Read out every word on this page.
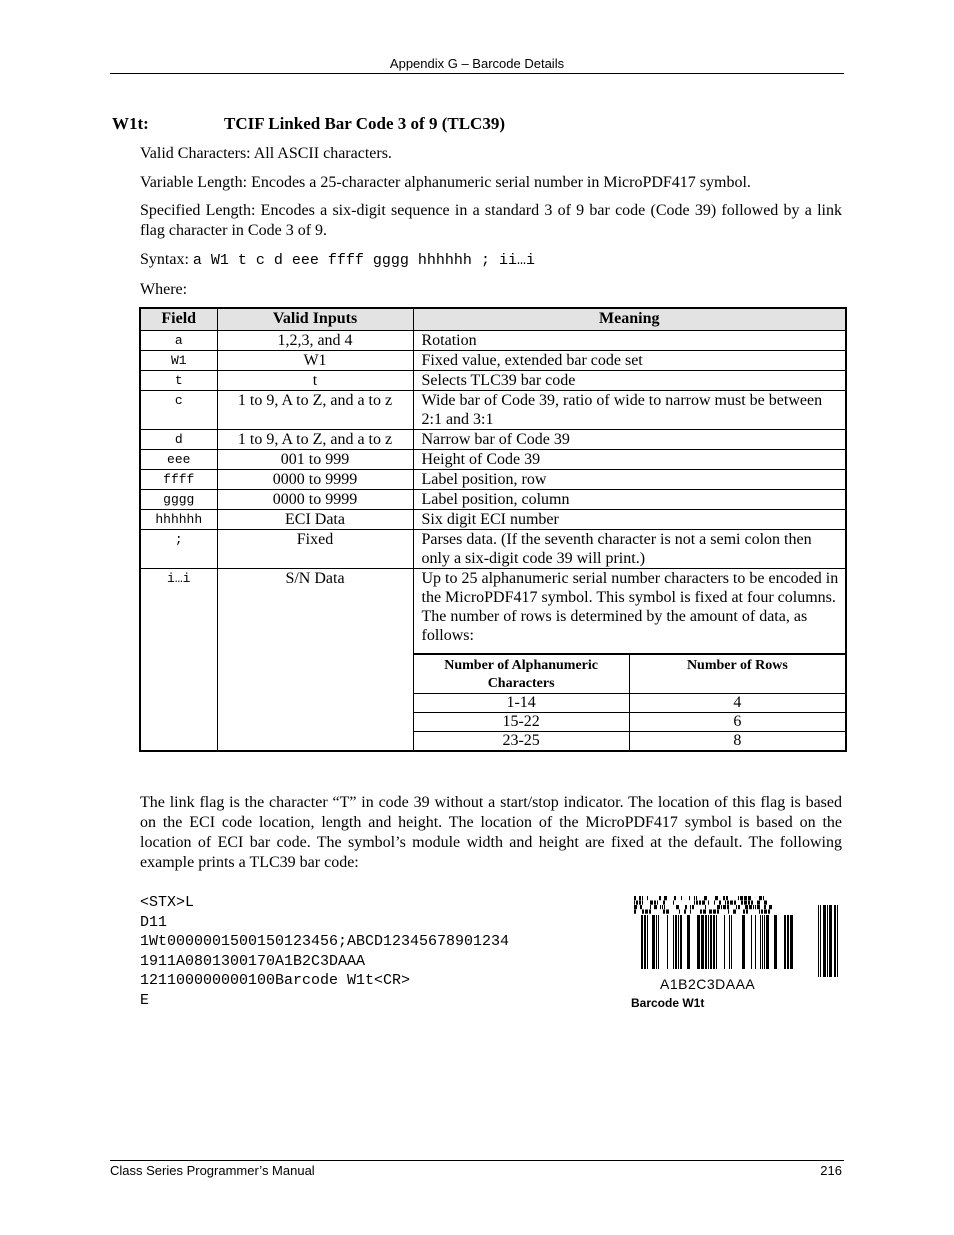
Appendix G – Barcode Details
W1t:	TCIF Linked Bar Code 3 of 9 (TLC39)
Valid Characters: All ASCII characters.
Variable Length: Encodes a 25-character alphanumeric serial number in MicroPDF417 symbol.
Specified Length: Encodes a six-digit sequence in a standard 3 of 9 bar code (Code 39) followed by a link flag character in Code 3 of 9.
Syntax: a W1 t c d eee ffff gggg hhhhhh ; ii…i
Where:
Field	Valid Inputs	Meaning
a	1,2,3, and 4	Rotation
W1	W1	Fixed value, extended bar code set
t	t	Selects TLC39 bar code
c	1 to 9, A to Z, and a to z	Wide bar of Code 39, ratio of wide to narrow must be between 2:1 and 3:1
d	1 to 9, A to Z, and a to z	Narrow bar of Code 39
eee	001 to 999	Height of Code 39
ffff	0000 to 9999	Label position, row
gggg	0000 to 9999	Label position, column
hhhhhh	ECI Data	Six digit ECI number
;	Fixed	Parses data. (If the seventh character is not a semi colon then only a six-digit code 39 will print.)
i…i	S/N Data	Up to 25 alphanumeric serial number characters to be encoded in the MicroPDF417 symbol. This symbol is fixed at four columns. The number of rows is determined by the amount of data, as follows:

Number of Alphanumeric Characters	Number of Rows
1-14	4
15-22	6
23-25	8
The link flag is the character “T” in code 39 without a start/stop indicator. The location of this flag is based on the ECI code location, length and height. The location of the MicroPDF417 symbol is based on the location of ECI bar code. The symbol’s module width and height are fixed at the default. The following example prints a TLC39 bar code:
<STX>L
D11
1Wt0000001500150123456;ABCD12345678901234
1911A0801300170A1B2C3DAAA
121100000000100Barcode W1t<CR>
E
A1B2C3DAAA
Barcode W1t
Class Series Programmer’s Manual	216
